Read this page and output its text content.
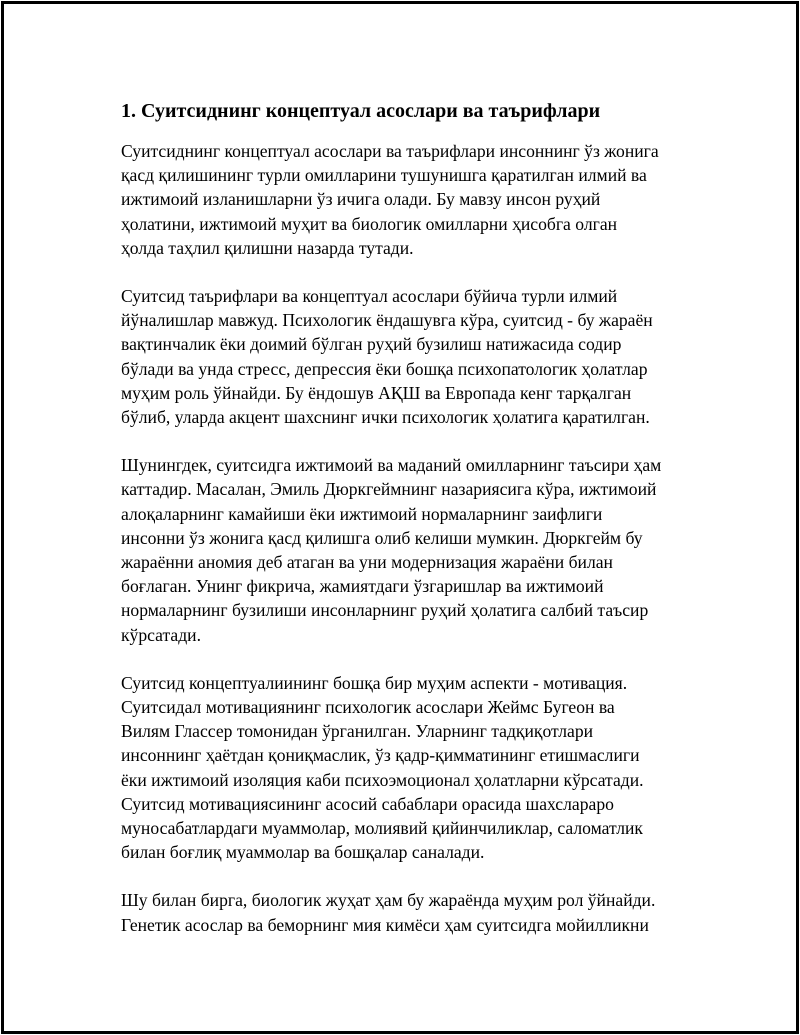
1. Суитсиднинг концептуал асослари ва таърифлари

Суитсиднинг концептуал асослари ва таърифлари инсоннинг ўз жонига
қасд қилишининг турли омилларини тушунишга қаратилган илмий ва
ижтимоий изланишларни ўз ичига олади. Бу мавзу инсон руҳий
ҳолатини, ижтимоий муҳит ва биологик омилларни ҳисобга олган
ҳолда таҳлил қилишни назарда тутади.

Суитсид таърифлари ва концептуал асослари бўйича турли илмий
йўналишлар мавжуд. Психологик ёндашувга кўра, суитсид - бу жараён
вақтинчалик ёки доимий бўлган руҳий бузилиш натижасида содир
бўлади ва унда стресс, депрессия ёки бошқа психопатологик ҳолатлар
муҳим роль ўйнайди. Бу ёндошув АҚШ ва Европада кенг тарқалган
бўлиб, уларда акцент шахснинг ички психологик ҳолатига қаратилган.

Шунингдек, суитсидга ижтимоий ва маданий омилларнинг таъсири ҳам
каттадир. Масалан, Эмиль Дюркгеймнинг назариясига кўра, ижтимоий
алоқаларнинг камайиши ёки ижтимоий нормаларнинг заифлиги
инсонни ўз жонига қасд қилишга олиб келиши мумкин. Дюркгейм бу
жараённи аномия деб атаган ва уни модернизация жараёни билан
боғлаган. Унинг фикрича, жамиятдаги ўзгаришлар ва ижтимоий
нормаларнинг бузилиши инсонларнинг руҳий ҳолатига салбий таъсир
кўрсатади.

Суитсид концептуалиининг бошқа бир муҳим аспекти - мотивация.
Суитсидал мотивациянинг психологик асослари Жеймс Бугеон ва
Вилям Глассер томонидан ўрганилган. Уларнинг тадқиқотлари
инсоннинг ҳаётдан қониқмаслик, ўз қадр-қимматининг етишмаслиги
ёки ижтимоий изоляция каби психоэмоционал ҳолатларни кўрсатади.
Суитсид мотивациясининг асосий сабаблари орасида шахслараро
муносабатлардаги муаммолар, молиявий қийинчиликлар, саломатлик
билан боғлиқ муаммолар ва бошқалар саналади.

Шу билан бирга, биологик жуҳат ҳам бу жараёнда муҳим рол ўйнайди.
Генетик асослар ва беморнинг мия кимёси ҳам суитсидга мойилликни
